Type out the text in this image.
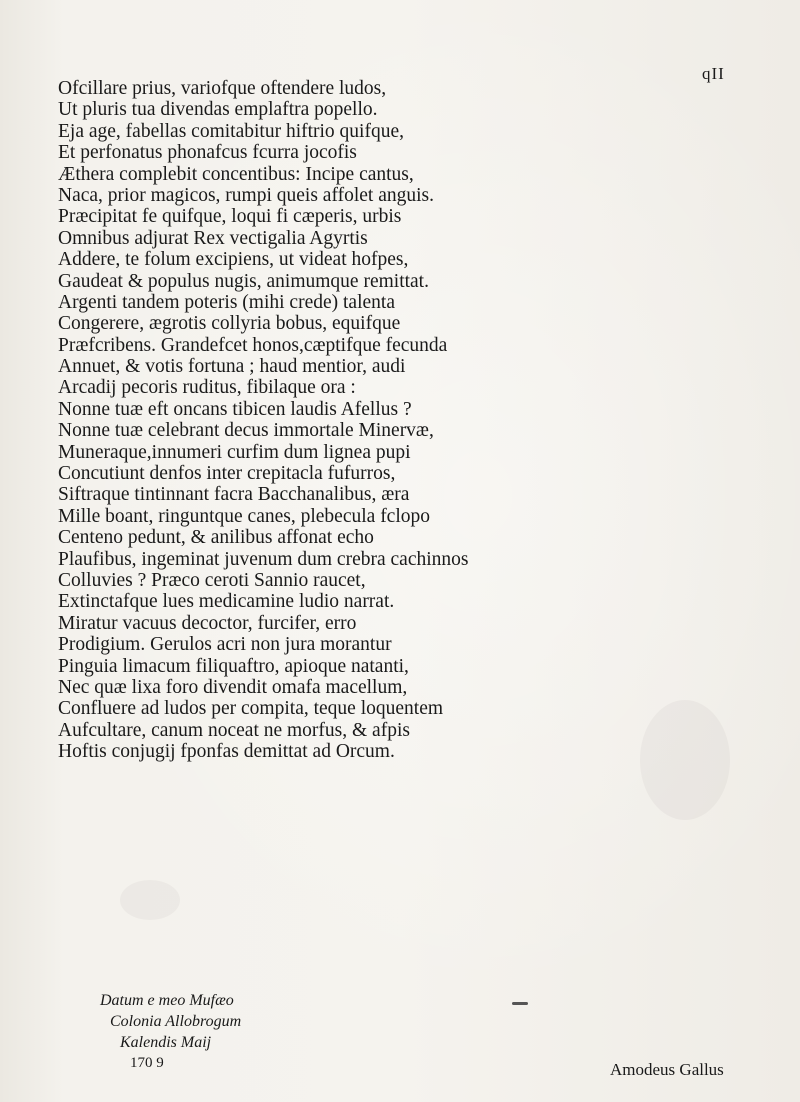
qII
Ofcillare prius, variofque oftendere ludos,
Ut pluris tua divendas emplaftra popello.
Eja age, fabellas comitabitur hiftrio quifque,
Et perfonatus phonafcus fcurra jocofis
Æthera complebit concentibus: Incipe cantus,
Naca, prior magicos, rumpi queis affolet anguis.
Præcipitat fe quifque, loqui fi cæperis, urbis
Omnibus adjurat Rex vectigalia Agyrtis
Addere, te folum excipiens, ut videat hofpes,
Gaudeat & populus nugis, animumque remittat.
Argenti tandem poteris (mihi crede) talenta
Congerere, ægrotis collyria bobus, equifque
Præfcribens. Grandefcet honos,cæptifque fecunda
Annuet, & votis fortuna ; haud mentior, audi
Arcadij pecoris ruditus, fibilaque ora :
Nonne tuæ eft oncans tibicen laudis Afellus ?
Nonne tuæ celebrant decus immortale Minervæ,
Muneraque,innumeri curfim dum lignea pupi
Concutiunt denfos inter crepitacla fufurros,
Siftraque tintinnant facra Bacchanalibus, æra
Mille boant, ringuntque canes, plebecula fclopo
Centeno pedunt, & anilibus affonat echo
Plaufibus, ingeminat juvenum dum crebra cachinnos
Colluvies ? Præco ceroti Sannio raucet,
Extinctafque lues medicamine ludio narrat.
Miratur vacuus decoctor, furcifer, erro
Prodigium. Gerulos acri non jura morantur
Pinguia limacum filiquaftro, apioque natanti,
Nec quæ lixa foro divendit omafa macellum,
Confluere ad ludos per compita, teque loquentem
Aufcultare, canum noceat ne morfus, & afpis
Hoftis conjugij fponfas demittat ad Orcum.
Datum e meo Mufæo
Colonia Allobrogum
Kalendis Maij
170 9	Amodeus Gallus
